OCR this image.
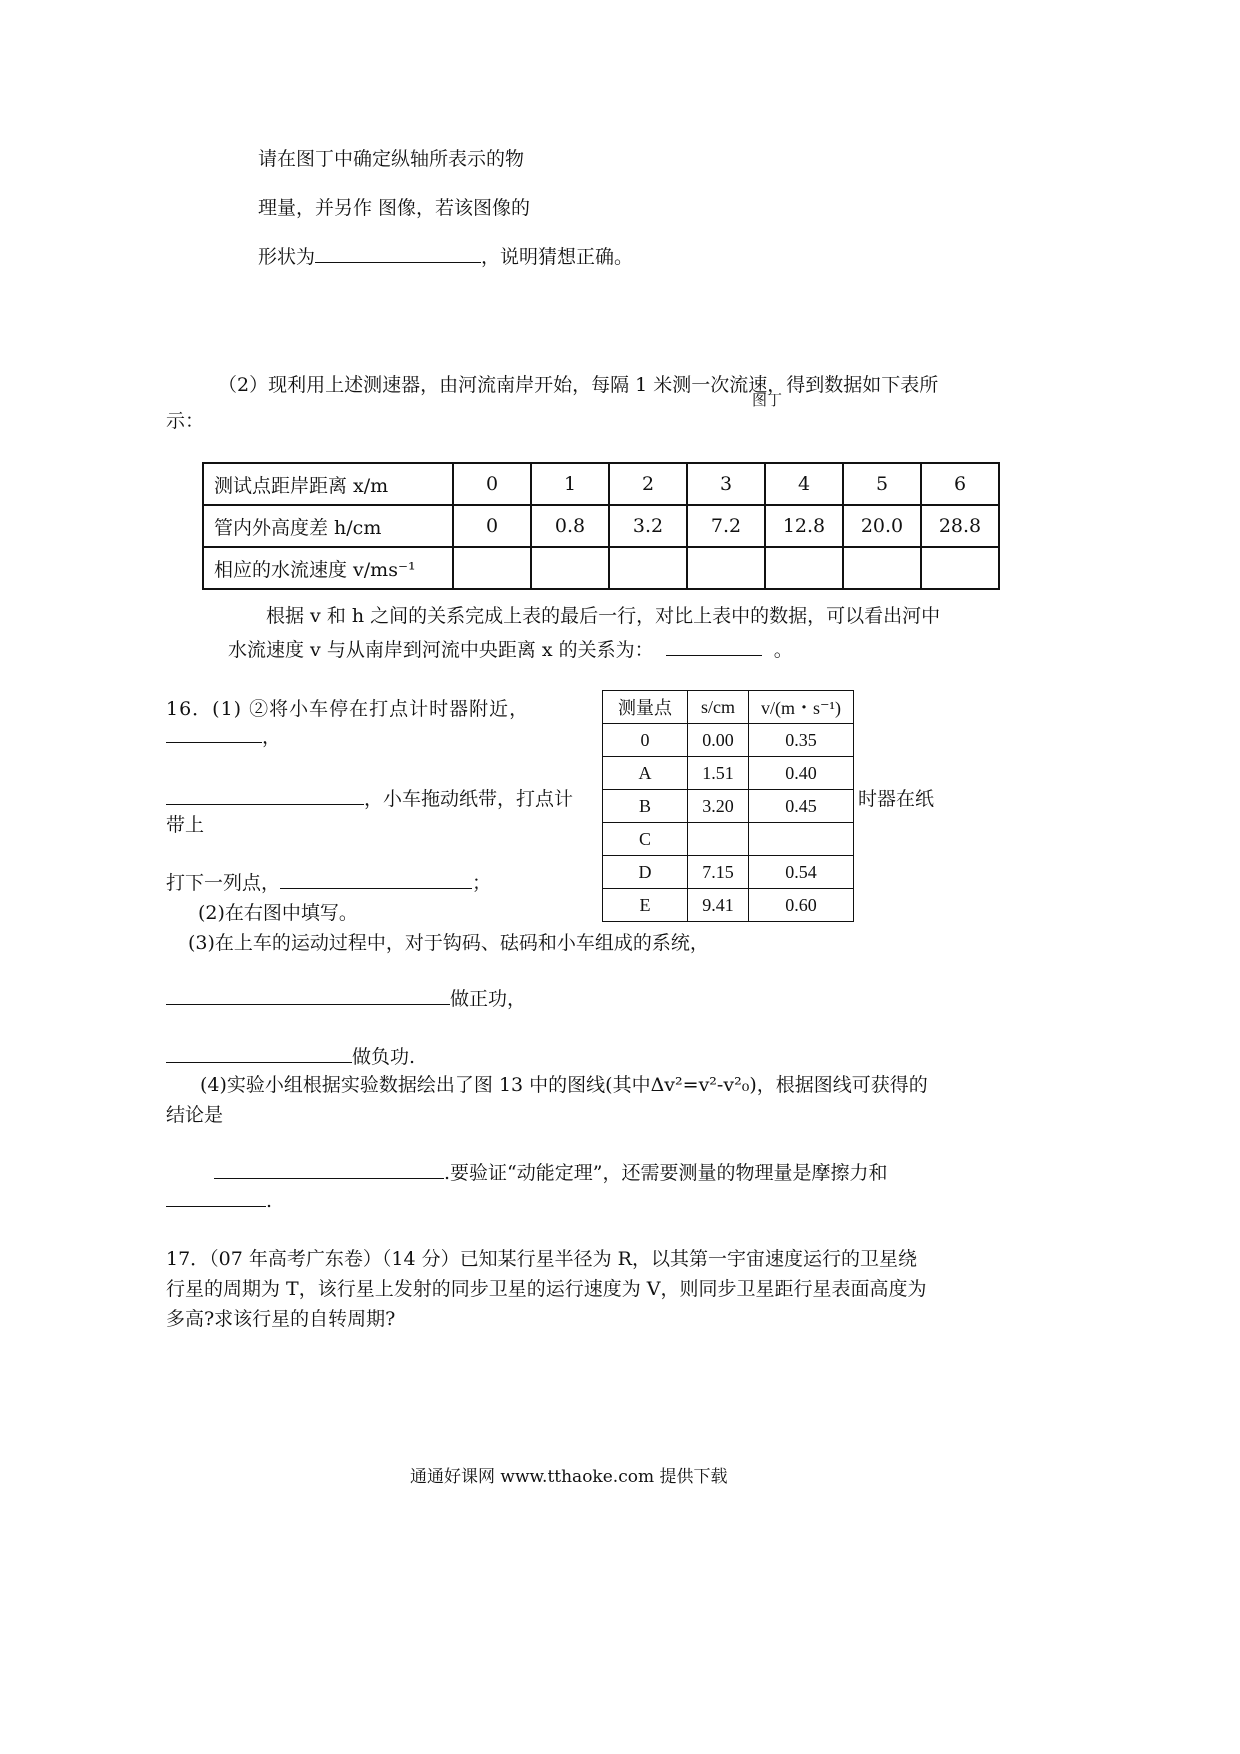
请在图丁中确定纵轴所表示的物
理量，并另作 图像，若该图像的
形状为	，说明猜想正确。
（2）现利用上述测速器，由河流南岸开始，每隔 1 米测一次流速，得到数据如下表所
图丁
示：
测试点距岸距离 x/m	0	1	2	3	4	5	6
管内外高度差 h/cm	0	0.8	3.2	7.2	12.8	20.0	28.8
相应的水流速度 v/ms⁻¹							
根据 v 和 h 之间的关系完成上表的最后一行，对比上表中的数据，可以看出河中
水流速度 v 与从南岸到河流中央距离 x 的关系为：	。
16．(1) ②将小车停在打点计时器附近，
，
，小车拖动纸带，打点计	时器在纸
带上
打下一列点，	；
(2)在右图中填写。
(3)在上车的运动过程中，对于钩码、砝码和小车组成的系统，
做正功，
做负功.
(4)实验小组根据实验数据绘出了图 13 中的图线(其中Δv²=v²-v²₀)，根据图线可获得的
结论是
.要验证“动能定理”，还需要测量的物理量是摩擦力和
.
测量点	s/cm	v/(m・s⁻¹)
0	0.00	0.35
A	1.51	0.40
B	3.20	0.45
C		
D	7.15	0.54
E	9.41	0.60
17．（07 年高考广东卷）（14 分）已知某行星半径为 R，以其第一宇宙速度运行的卫星绕
行星的周期为 T，该行星上发射的同步卫星的运行速度为 V，则同步卫星距行星表面高度为
多高?求该行星的自转周期?
通通好课网 www.tthaoke.com 提供下载
